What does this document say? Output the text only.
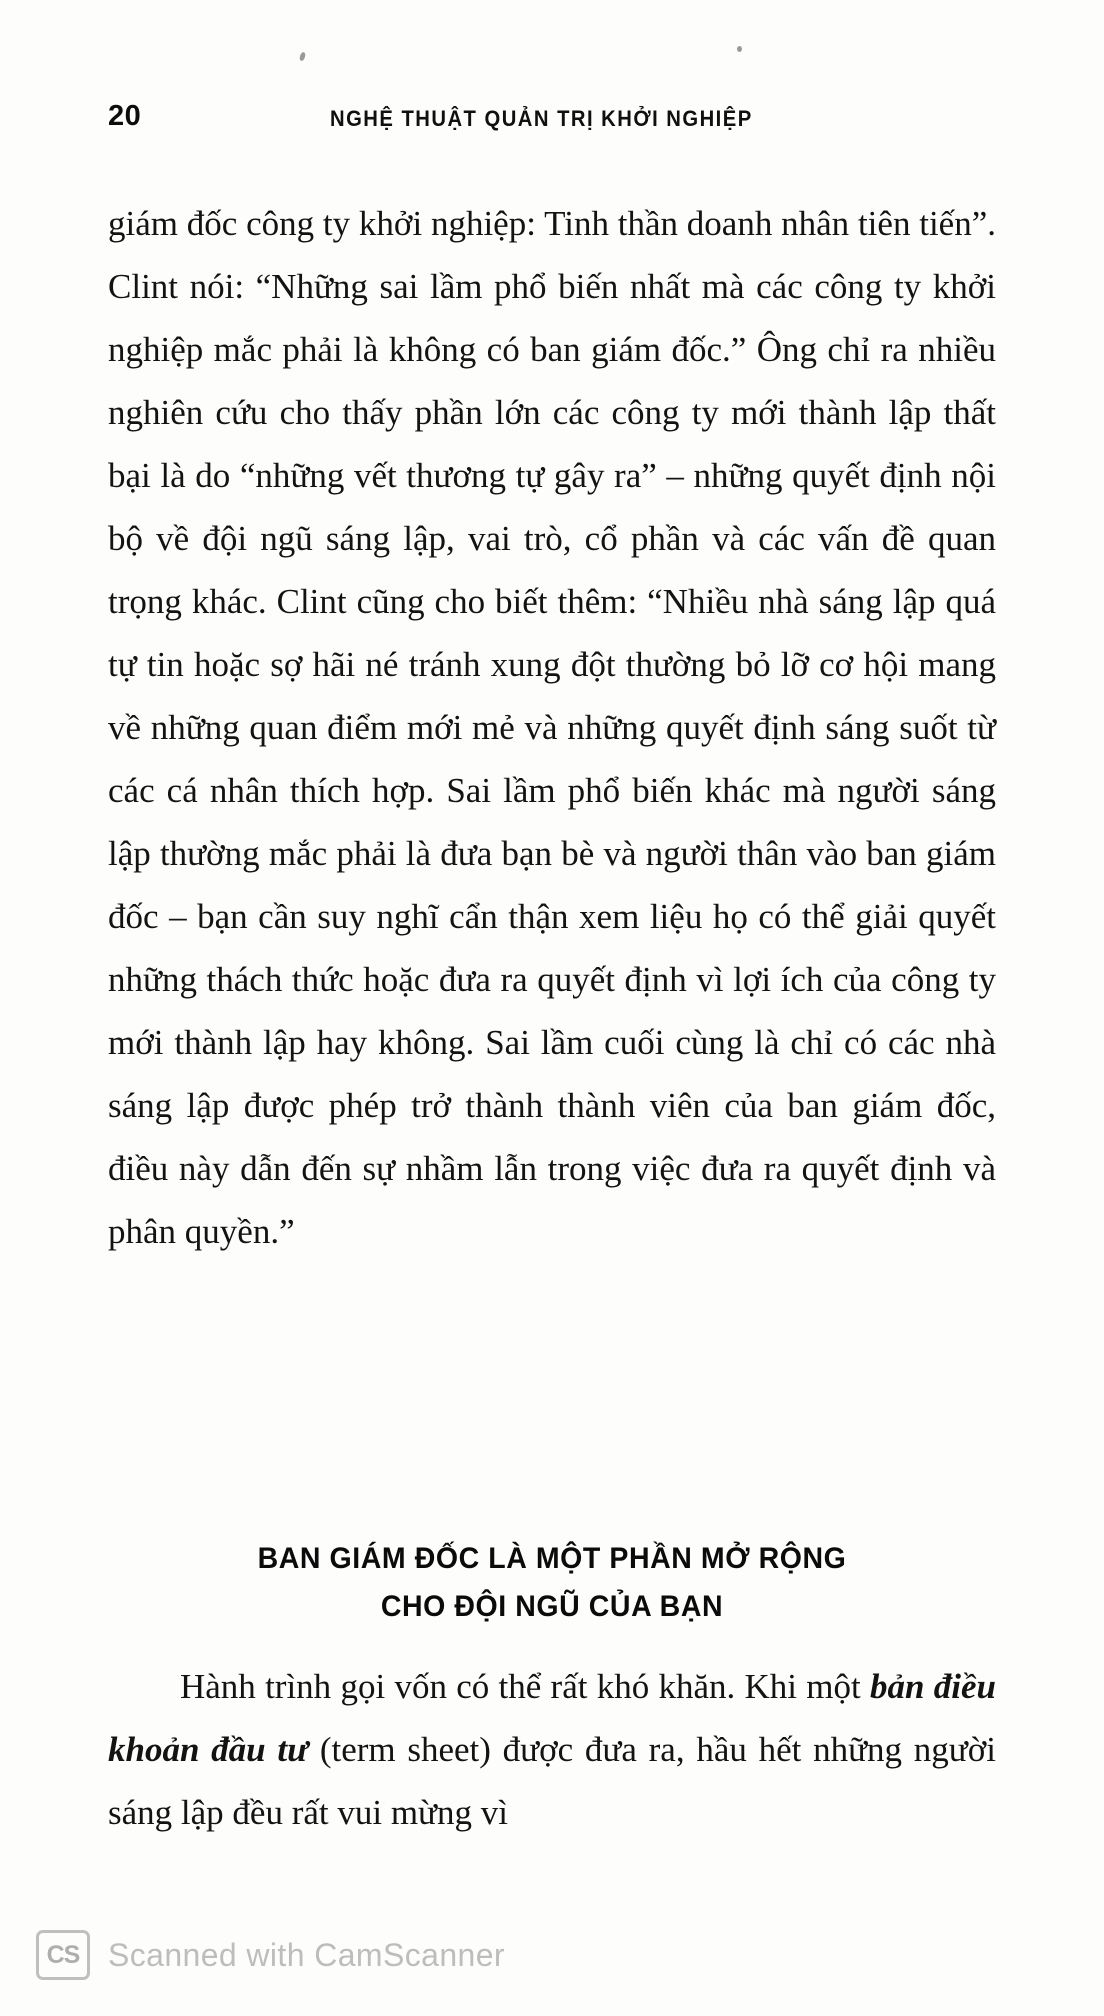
20	NGHỆ THUẬT QUẢN TRỊ KHỞI NGHIỆP

giám đốc công ty khởi nghiệp: Tinh thần doanh nhân tiên tiến”. Clint nói: “Những sai lầm phổ biến nhất mà các công ty khởi nghiệp mắc phải là không có ban giám đốc.” Ông chỉ ra nhiều nghiên cứu cho thấy phần lớn các công ty mới thành lập thất bại là do “những vết thương tự gây ra” – những quyết định nội bộ về đội ngũ sáng lập, vai trò, cổ phần và các vấn đề quan trọng khác. Clint cũng cho biết thêm: “Nhiều nhà sáng lập quá tự tin hoặc sợ hãi né tránh xung đột thường bỏ lỡ cơ hội mang về những quan điểm mới mẻ và những quyết định sáng suốt từ các cá nhân thích hợp. Sai lầm phổ biến khác mà người sáng lập thường mắc phải là đưa bạn bè và người thân vào ban giám đốc – bạn cần suy nghĩ cẩn thận xem liệu họ có thể giải quyết những thách thức hoặc đưa ra quyết định vì lợi ích của công ty mới thành lập hay không. Sai lầm cuối cùng là chỉ có các nhà sáng lập được phép trở thành thành viên của ban giám đốc, điều này dẫn đến sự nhầm lẫn trong việc đưa ra quyết định và phân quyền.”

BAN GIÁM ĐỐC LÀ MỘT PHẦN MỞ RỘNG
CHO ĐỘI NGŨ CỦA BẠN

Hành trình gọi vốn có thể rất khó khăn. Khi một bản điều khoản đầu tư (term sheet) được đưa ra, hầu hết những người sáng lập đều rất vui mừng vì

CS Scanned with CamScanner
